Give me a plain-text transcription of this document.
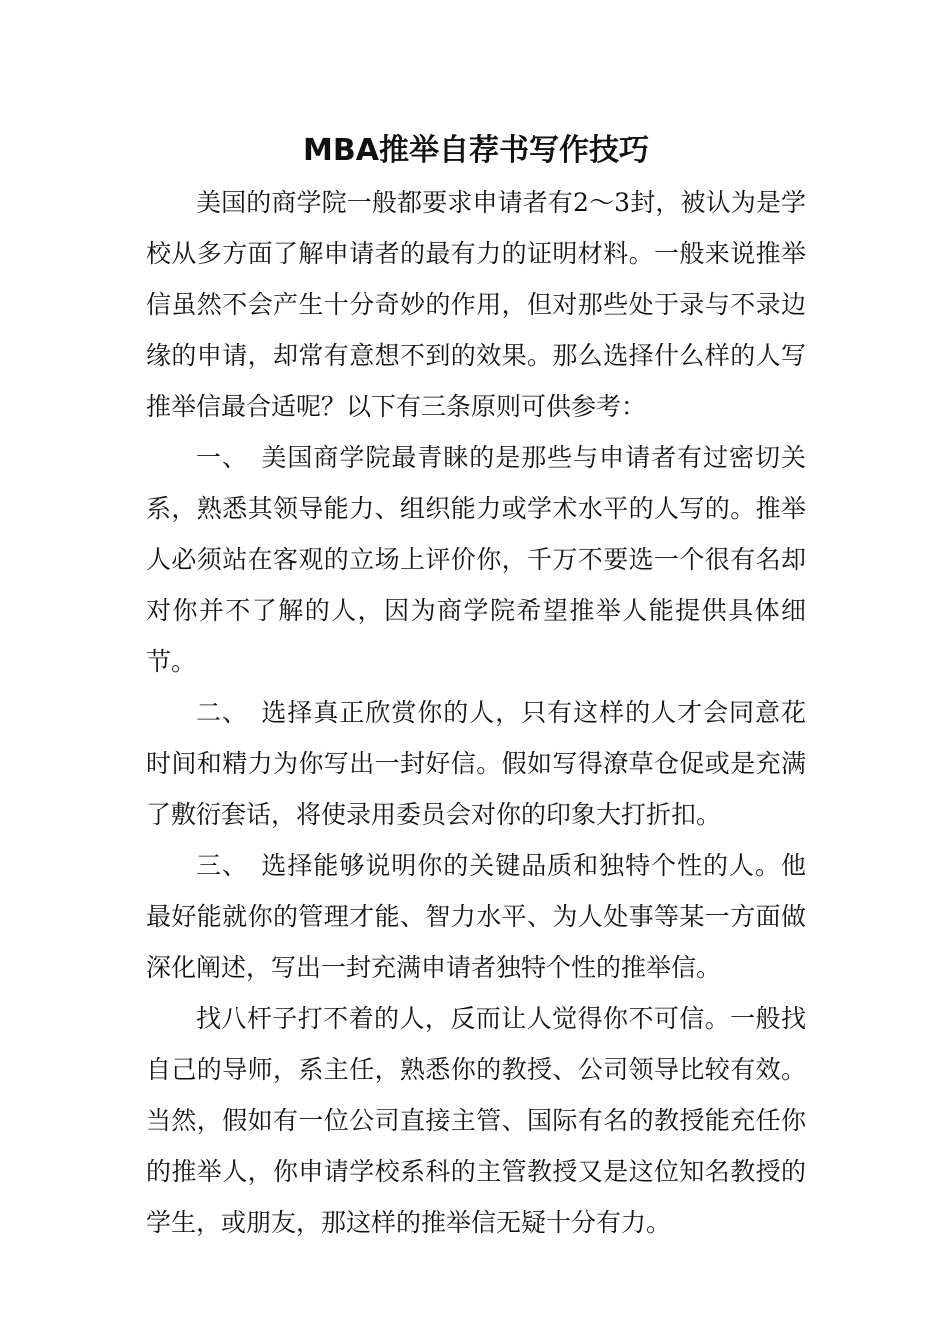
MBA推举自荐书写作技巧

美国的商学院一般都要求申请者有2～3封，被认为是学校从多方面了解申请者的最有力的证明材料。一般来说推举信虽然不会产生十分奇妙的作用，但对那些处于录与不录边缘的申请，却常有意想不到的效果。那么选择什么样的人写推举信最合适呢？以下有三条原则可供参考：

一、　美国商学院最青睐的是那些与申请者有过密切关系，熟悉其领导能力、组织能力或学术水平的人写的。推举人必须站在客观的立场上评价你，千万不要选一个很有名却对你并不了解的人，因为商学院希望推举人能提供具体细节。

二、　选择真正欣赏你的人，只有这样的人才会同意花时间和精力为你写出一封好信。假如写得潦草仓促或是充满了敷衍套话，将使录用委员会对你的印象大打折扣。

三、　选择能够说明你的关键品质和独特个性的人。他最好能就你的管理才能、智力水平、为人处事等某一方面做深化阐述，写出一封充满申请者独特个性的推举信。

找八杆子打不着的人，反而让人觉得你不可信。一般找自己的导师，系主任，熟悉你的教授、公司领导比较有效。当然，假如有一位公司直接主管、国际有名的教授能充任你的推举人，你申请学校系科的主管教授又是这位知名教授的学生，或朋友，那这样的推举信无疑十分有力。
